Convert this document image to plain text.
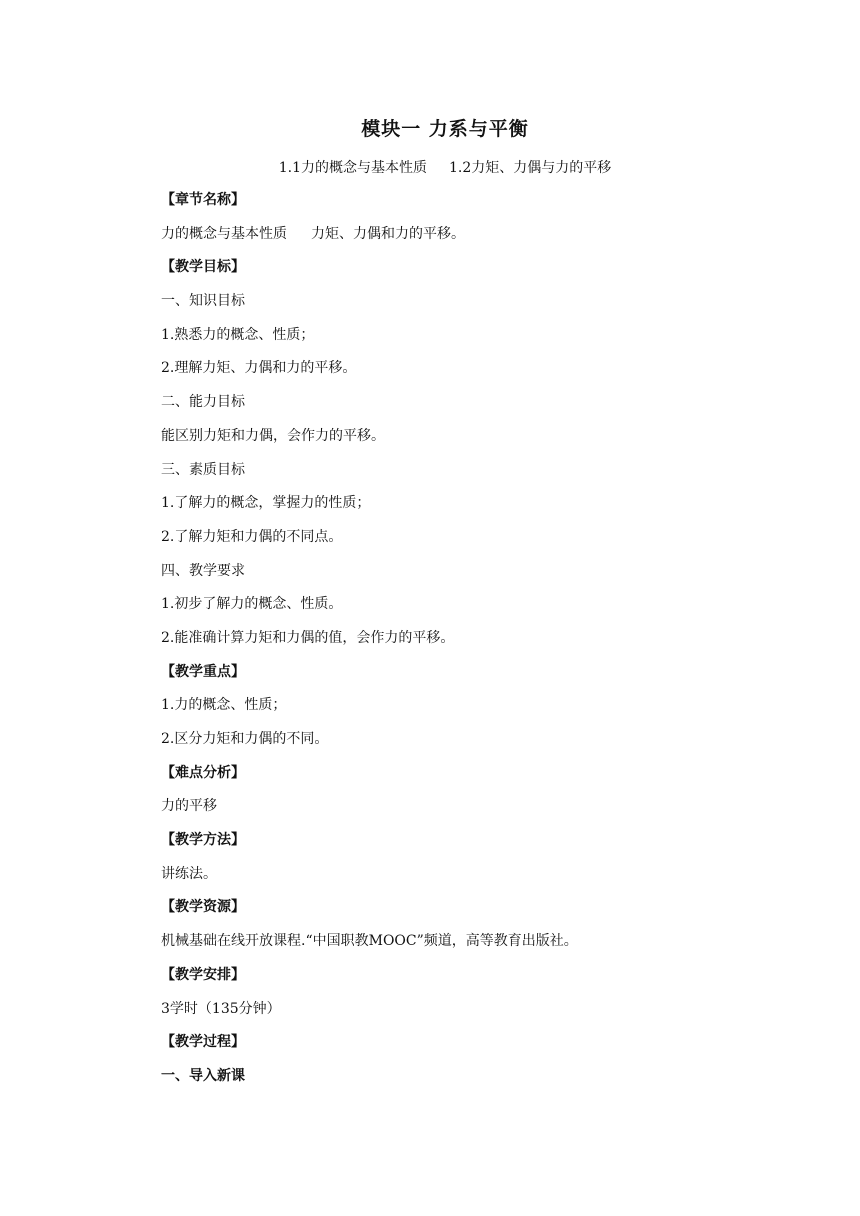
模块一 力系与平衡
1.1力的概念与基本性质 1.2力矩、力偶与力的平移
【章节名称】
力的概念与基本性质 力矩、力偶和力的平移。
【教学目标】
一、知识目标
1.熟悉力的概念、性质；
2.理解力矩、力偶和力的平移。
二、能力目标
能区别力矩和力偶，会作力的平移。
三、素质目标
1.了解力的概念，掌握力的性质；
2.了解力矩和力偶的不同点。
四、教学要求
1.初步了解力的概念、性质。
2.能准确计算力矩和力偶的值，会作力的平移。
【教学重点】
1.力的概念、性质；
2.区分力矩和力偶的不同。
【难点分析】
力的平移
【教学方法】
讲练法。
【教学资源】
机械基础在线开放课程.“中国职教MOOC”频道，高等教育出版社。
【教学安排】
3学时（135分钟）
【教学过程】
一、导入新课
